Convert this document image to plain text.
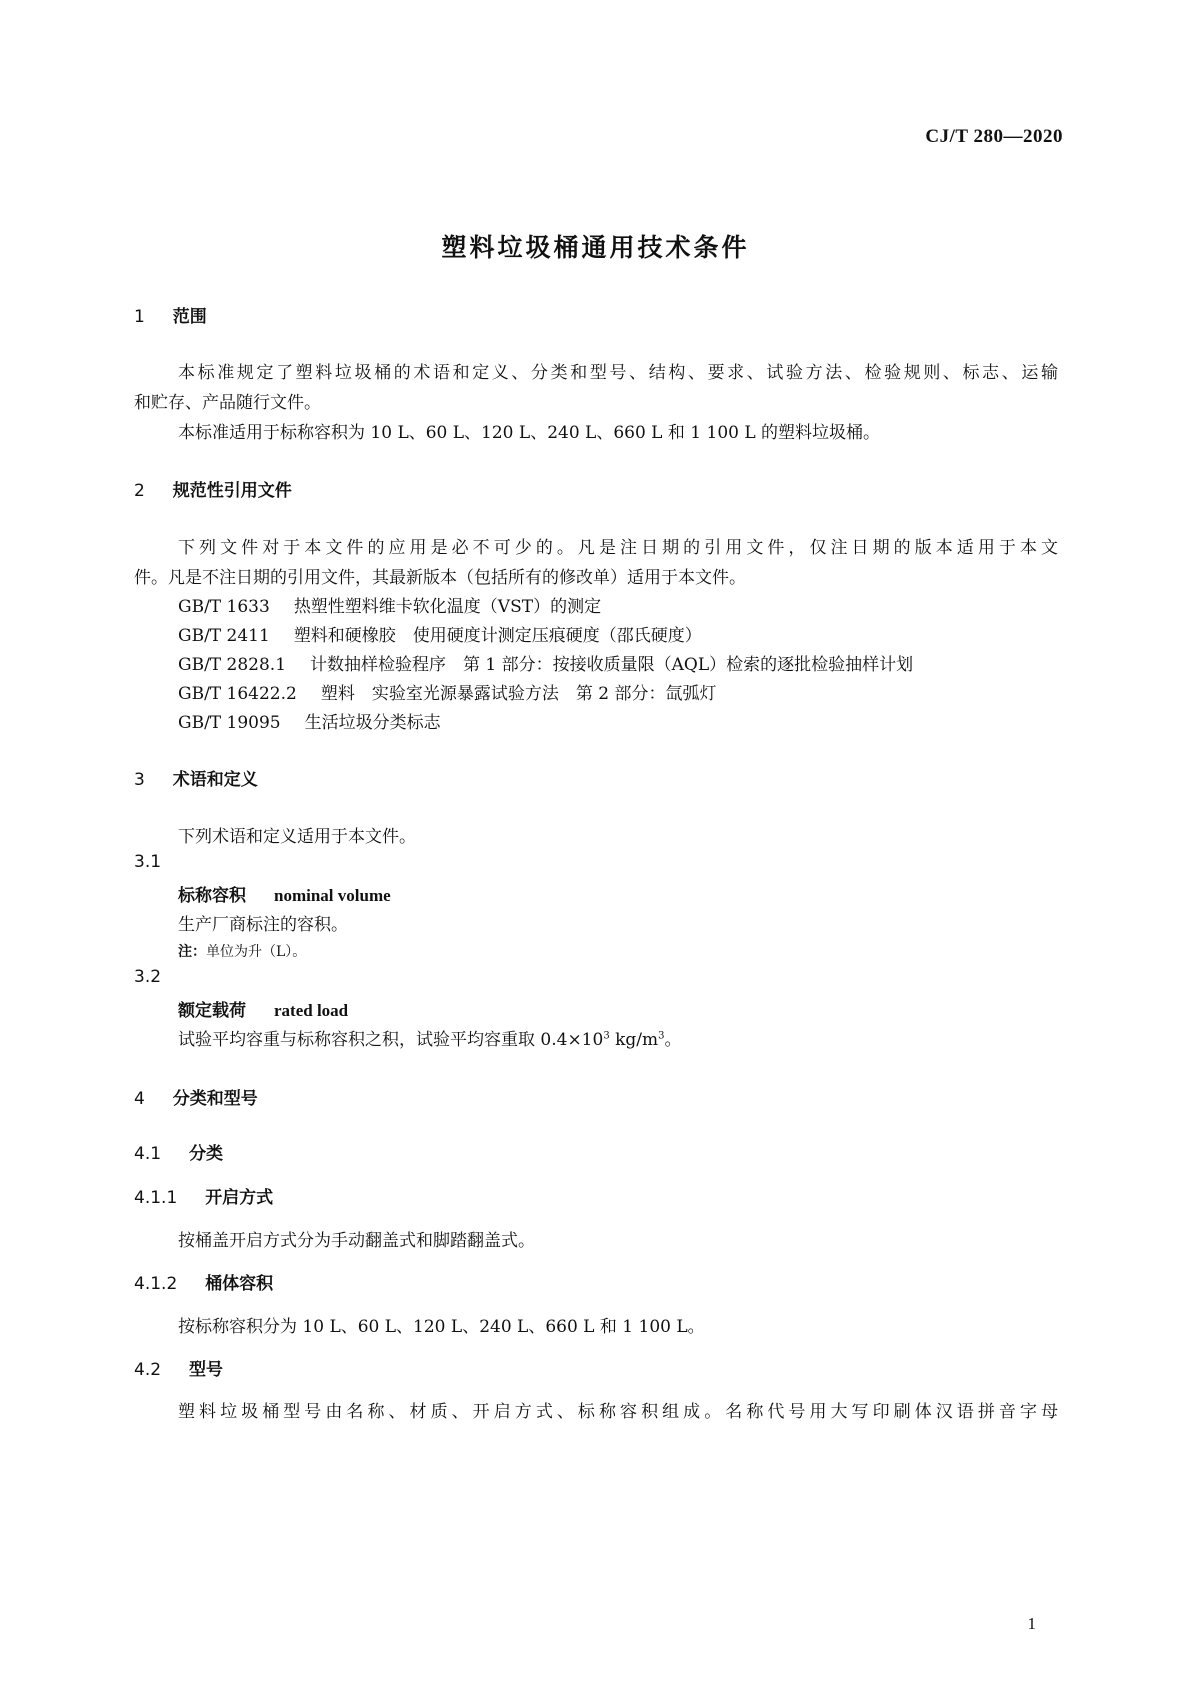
CJ/T 280—2020
塑料垃圾桶通用技术条件
1 范围
本标准规定了塑料垃圾桶的术语和定义、分类和型号、结构、要求、试验方法、检验规则、标志、运输
和贮存、产品随行文件。
本标准适用于标称容积为 10 L、60 L、120 L、240 L、660 L 和 1 100 L 的塑料垃圾桶。
2 规范性引用文件
下列文件对于本文件的应用是必不可少的。凡是注日期的引用文件，仅注日期的版本适用于本文
件。凡是不注日期的引用文件，其最新版本（包括所有的修改单）适用于本文件。
GB/T 1633 热塑性塑料维卡软化温度（VST）的测定
GB/T 2411 塑料和硬橡胶　使用硬度计测定压痕硬度（邵氏硬度）
GB/T 2828.1 计数抽样检验程序　第 1 部分：按接收质量限（AQL）检索的逐批检验抽样计划
GB/T 16422.2 塑料　实验室光源暴露试验方法　第 2 部分：氙弧灯
GB/T 19095 生活垃圾分类标志
3 术语和定义
下列术语和定义适用于本文件。
3.1
标称容积 nominal volume
生产厂商标注的容积。
注：单位为升（L）。
3.2
额定载荷 rated load
试验平均容重与标称容积之积，试验平均容重取 $0.4\times 10^3$ $kg/m^3$。
4 分类和型号
4.1 分类
4.1.1 开启方式
按桶盖开启方式分为手动翻盖式和脚踏翻盖式。
4.1.2 桶体容积
按标称容积分为 10 L、60 L、120 L、240 L、660 L 和 1 100 L。
4.2 型号
塑料垃圾桶型号由名称、材质、开启方式、标称容积组成。名称代号用大写印刷体汉语拼音字母
1
